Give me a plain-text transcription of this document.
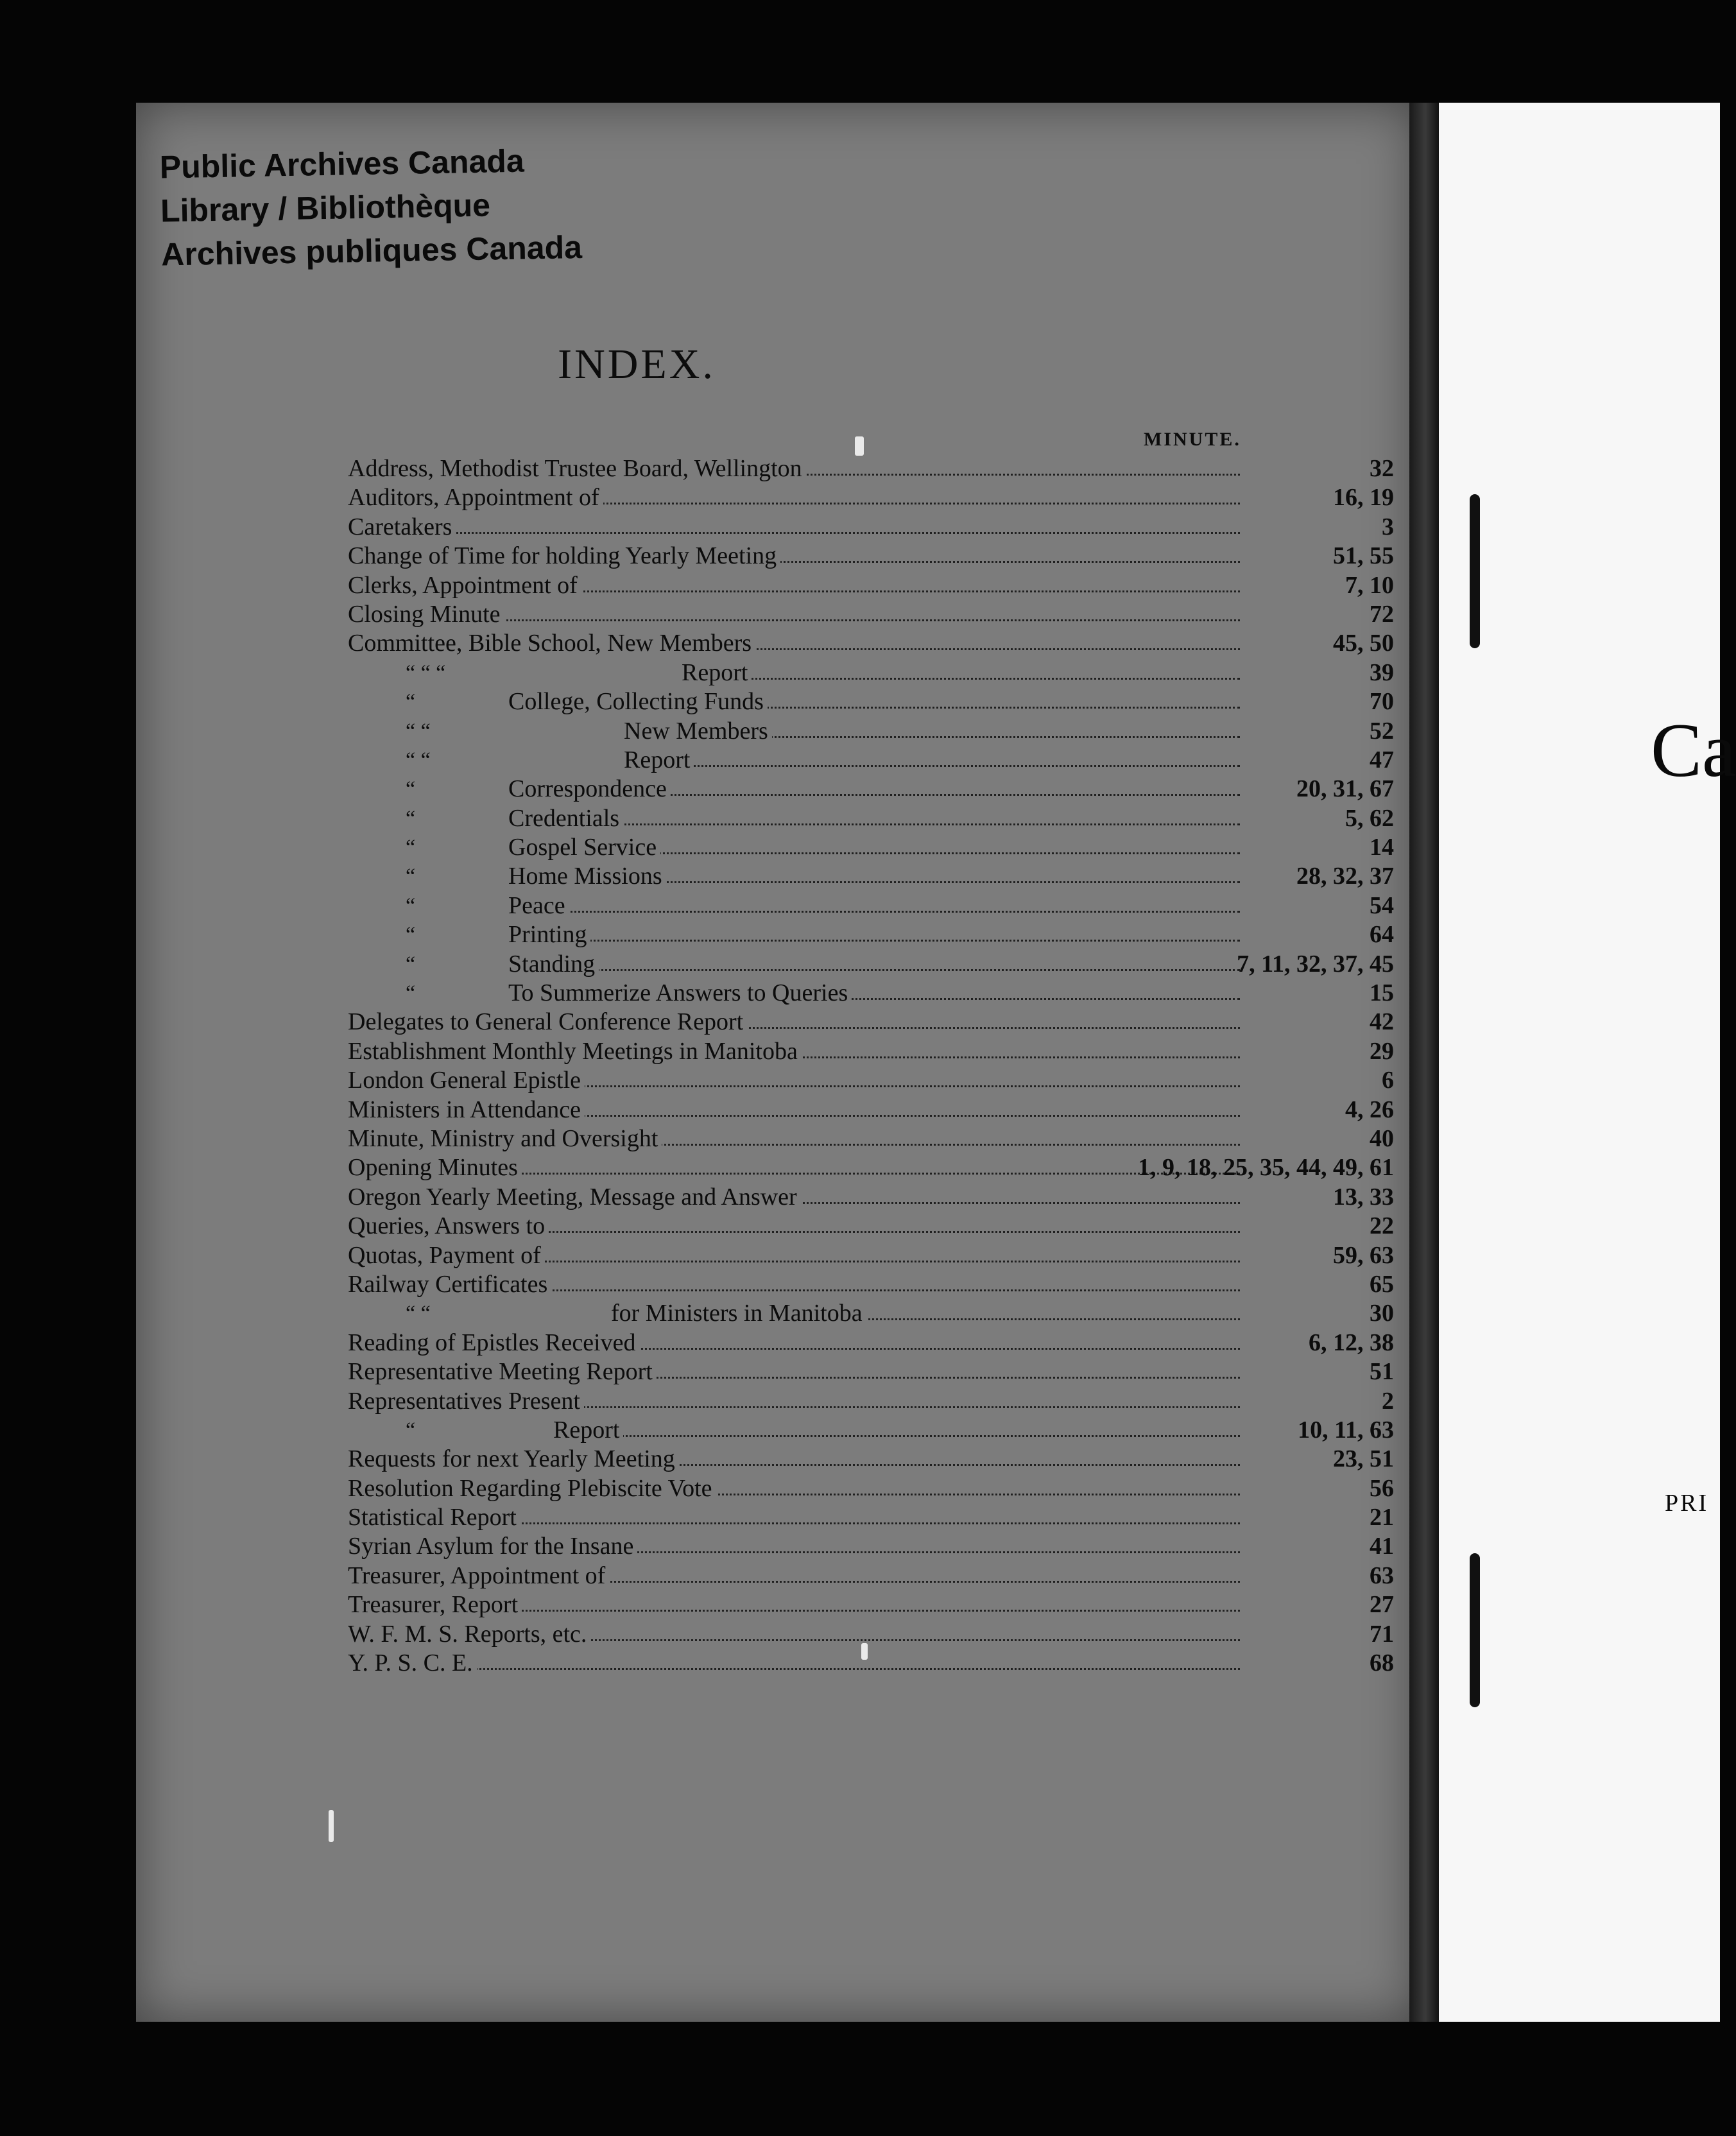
Public Archives Canada
Library / Bibliothèque
Archives publiques Canada
INDEX.
MINUTE.
Address, Methodist Trustee Board, Wellington	32
Auditors, Appointment of	16, 19
Caretakers	3
Change of Time for holding Yearly Meeting	51, 55
Clerks, Appointment of	7, 10
Closing Minute	72
Committee, Bible School, New Members	45, 50
“ “ “	Report	39
“	College, Collecting Funds	70
“ “	New Members	52
“ “	Report	47
“	Correspondence	20, 31, 67
“	Credentials	5, 62
“	Gospel Service	14
“	Home Missions	28, 32, 37
“	Peace	54
“	Printing	64
“	Standing	7, 11, 32, 37, 45
“	To Summerize Answers to Queries	15
Delegates to General Conference Report	42
Establishment Monthly Meetings in Manitoba	29
London General Epistle	6
Ministers in Attendance	4, 26
Minute, Ministry and Oversight	40
Opening Minutes	1, 9, 18, 25, 35, 44, 49, 61
Oregon Yearly Meeting, Message and Answer	13, 33
Queries, Answers to	22
Quotas, Payment of	59, 63
Railway Certificates	65
“ “	for Ministers in Manitoba	30
Reading of Epistles Received	6, 12, 38
Representative Meeting Report	51
Representatives Present	2
“	Report	10, 11, 63
Requests for next Yearly Meeting	23, 51
Resolution Regarding Plebiscite Vote	56
Statistical Report	21
Syrian Asylum for the Insane	41
Treasurer, Appointment of	63
Treasurer, Report	27
W. F. M. S. Reports, etc.	71
Y. P. S. C. E.	68
Ca
PRI
